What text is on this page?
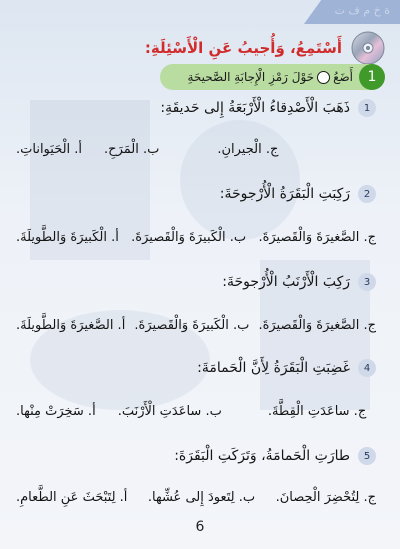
ة خ م ف ت
أَسْتَمِعُ، وَأُجيبُ عَنِ الْأَسْئِلَةِ:
1
أَضَعُ
حَوْلَ رَمْزِ الْإِجابَةِ الصَّحيحَةِ
1
ذَهَبَ الْأَصْدِقاءُ الْأَرْبَعَةُ إِلى حَديقَةِ:
أ. الْحَيَواناتِ. ب. الْمَرَحِ.	ج. الْجيرانِ.
2
رَكِبَتِ الْبَقَرَةُ الْأُرْجوحَةَ:
أ. الْكَبيرَةَ وَالطَّويلَةَ. ب. الْكَبيرَةَ وَالْقَصيرَةَ. ج. الصَّغيرَةَ وَالْقَصيرَةَ.
3
رَكِبَ الْأَرْنَبُ الْأُرْجوحَةَ:
أ. الصَّغيرَةَ وَالطَّويلَةَ. ب. الْكَبيرَةَ وَالْقَصيرَةَ. ج. الصَّغيرَةَ وَالْقَصيرَةَ.
4
غَضِبَتِ الْبَقَرَةُ لِأَنَّ الْحَمامَةَ:
أ. سَخِرَتْ مِنْها. ب. ساعَدَتِ الْأَرْنَبَ.	ج. ساعَدَتِ الْقِطَّةَ.
5
طارَتِ الْحَمامَةُ، وَتَرَكَتِ الْبَقَرَةَ:
أ. لِتَبْحَثَ عَنِ الطَّعامِ. ب. لِتَعودَ إِلى عُشِّها. ج. لِتُحْضِرَ الْحِصانَ.
6
